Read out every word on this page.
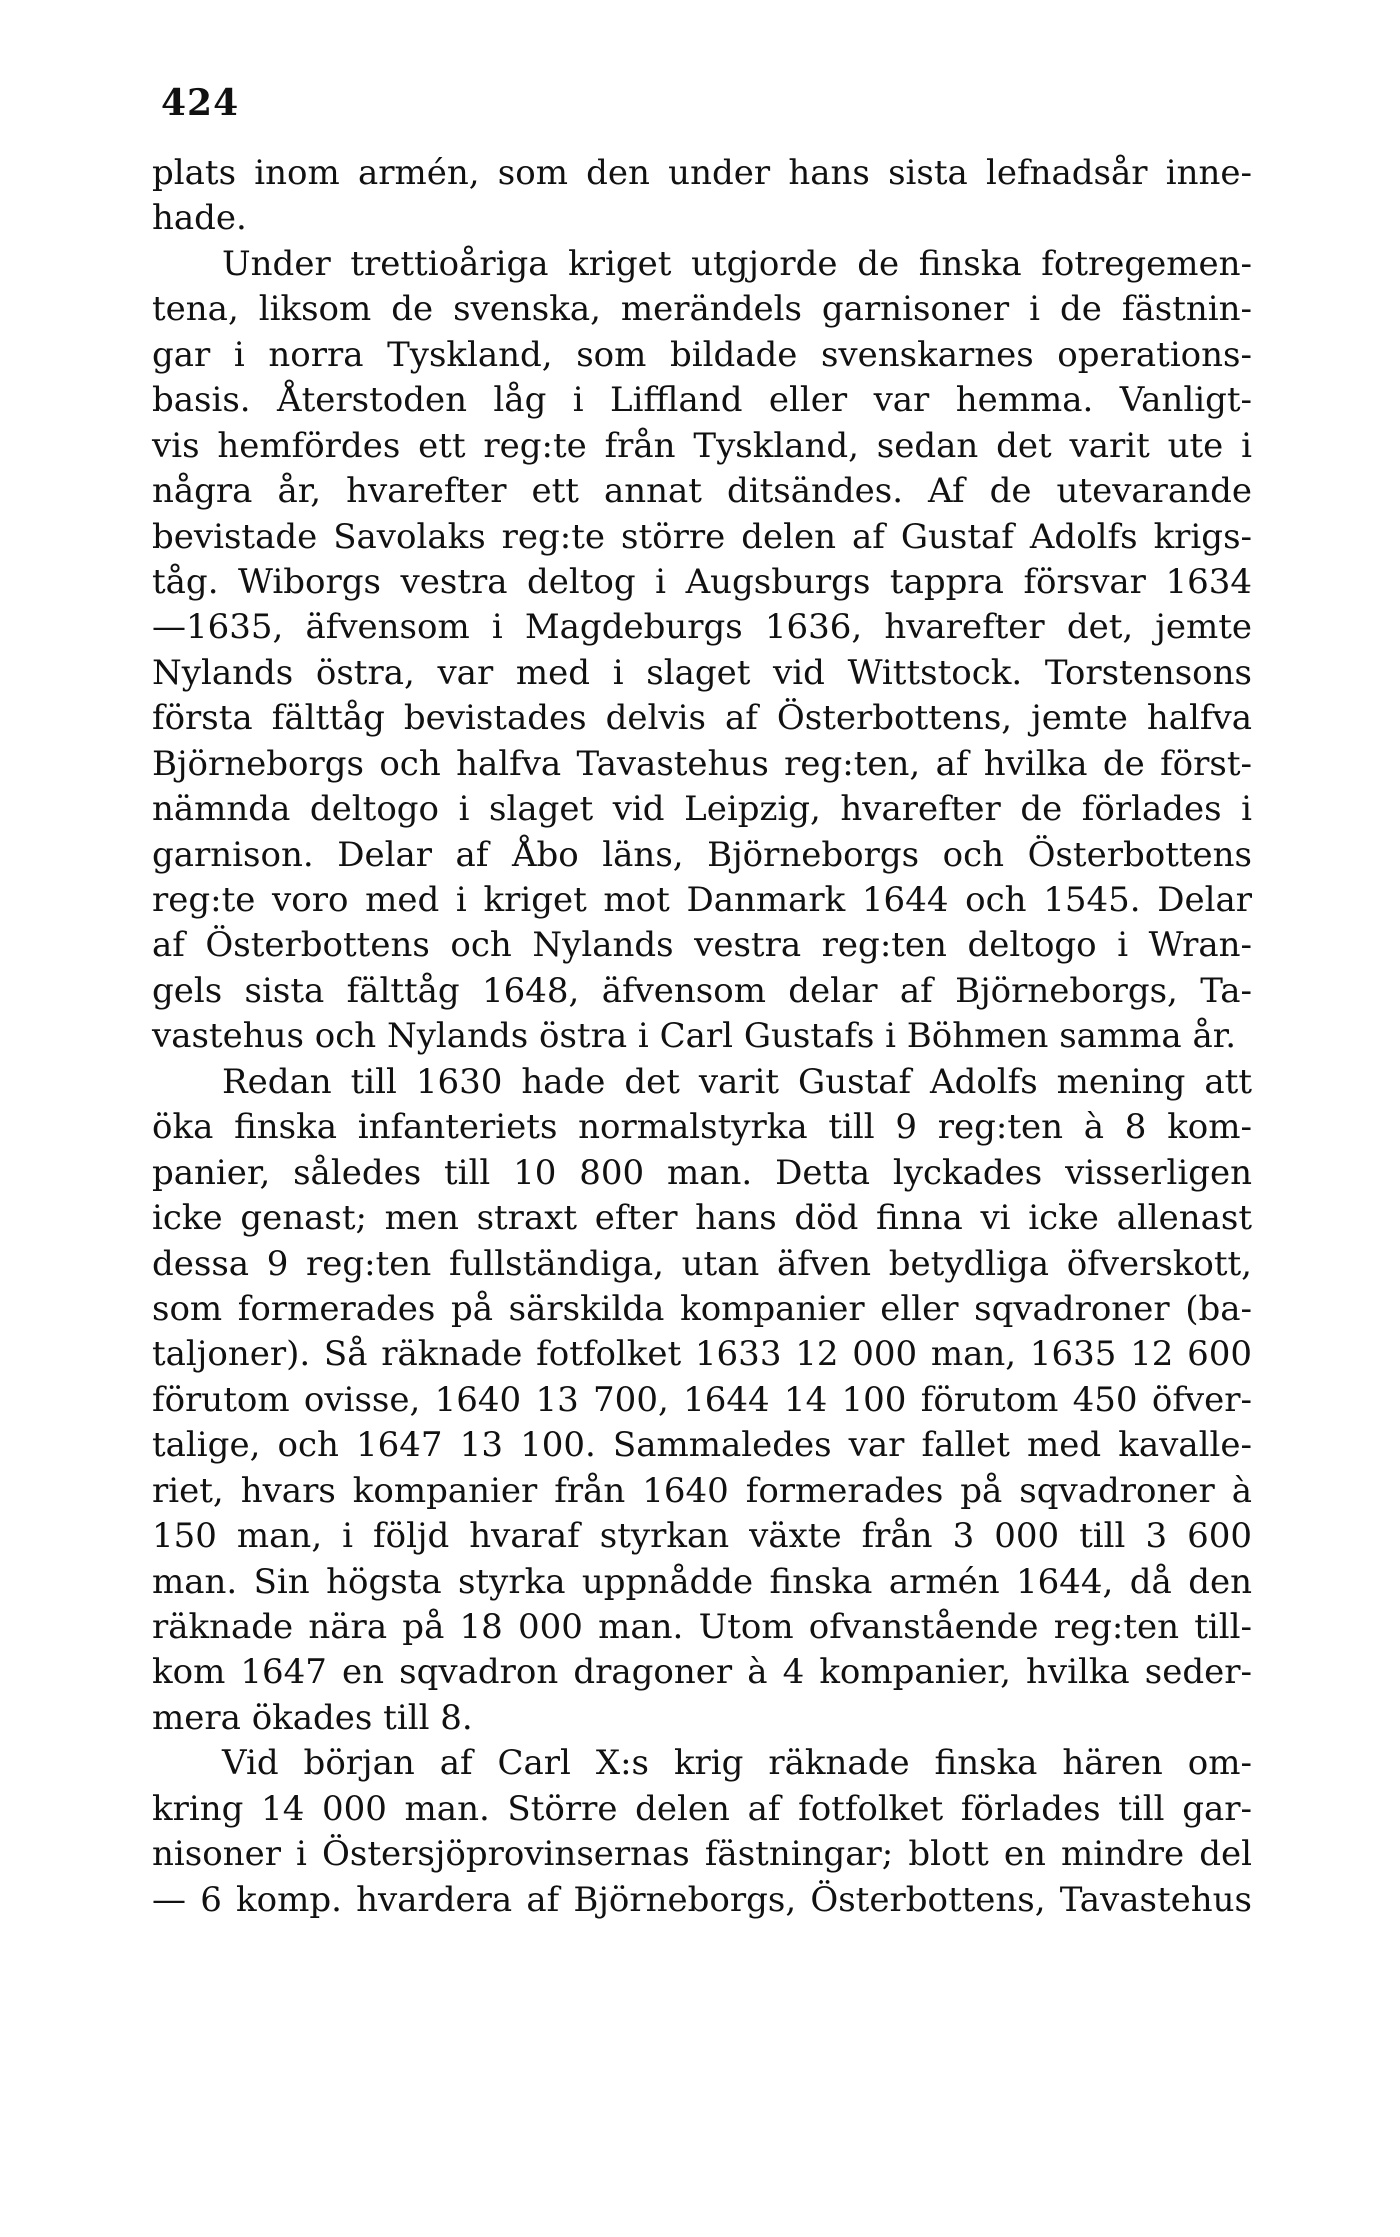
424
plats inom armén, som den under hans sista lefnadsår inne-
hade.
Under trettioåriga kriget utgjorde de finska fotregemen-
tena, liksom de svenska, merändels garnisoner i de fästnin-
gar i norra Tyskland, som bildade svenskarnes operations-
basis. Återstoden låg i Liffland eller var hemma. Vanligt-
vis hemfördes ett reg:te från Tyskland, sedan det varit ute i
några år, hvarefter ett annat ditsändes. Af de utevarande
bevistade Savolaks reg:te större delen af Gustaf Adolfs krigs-
tåg. Wiborgs vestra deltog i Augsburgs tappra försvar 1634
—1635, äfvensom i Magdeburgs 1636, hvarefter det, jemte
Nylands östra, var med i slaget vid Wittstock. Torstensons
första fälttåg bevistades delvis af Österbottens, jemte halfva
Björneborgs och halfva Tavastehus reg:ten, af hvilka de först-
nämnda deltogo i slaget vid Leipzig, hvarefter de förlades i
garnison. Delar af Åbo läns, Björneborgs och Österbottens
reg:te voro med i kriget mot Danmark 1644 och 1545. Delar
af Österbottens och Nylands vestra reg:ten deltogo i Wran-
gels sista fälttåg 1648, äfvensom delar af Björneborgs, Ta-
vastehus och Nylands östra i Carl Gustafs i Böhmen samma år.
Redan till 1630 hade det varit Gustaf Adolfs mening att
öka finska infanteriets normalstyrka till 9 reg:ten à 8 kom-
panier, således till 10 800 man. Detta lyckades visserligen
icke genast; men straxt efter hans död finna vi icke allenast
dessa 9 reg:ten fullständiga, utan äfven betydliga öfverskott,
som formerades på särskilda kompanier eller sqvadroner (ba-
taljoner). Så räknade fotfolket 1633 12 000 man, 1635 12 600
förutom ovisse, 1640 13 700, 1644 14 100 förutom 450 öfver-
talige, och 1647 13 100. Sammaledes var fallet med kavalle-
riet, hvars kompanier från 1640 formerades på sqvadroner à
150 man, i följd hvaraf styrkan växte från 3 000 till 3 600
man. Sin högsta styrka uppnådde finska armén 1644, då den
räknade nära på 18 000 man. Utom ofvanstående reg:ten till-
kom 1647 en sqvadron dragoner à 4 kompanier, hvilka seder-
mera ökades till 8.
Vid början af Carl X:s krig räknade finska hären om-
kring 14 000 man. Större delen af fotfolket förlades till gar-
nisoner i Östersjöprovinsernas fästningar; blott en mindre del
— 6 komp. hvardera af Björneborgs, Österbottens, Tavastehus
